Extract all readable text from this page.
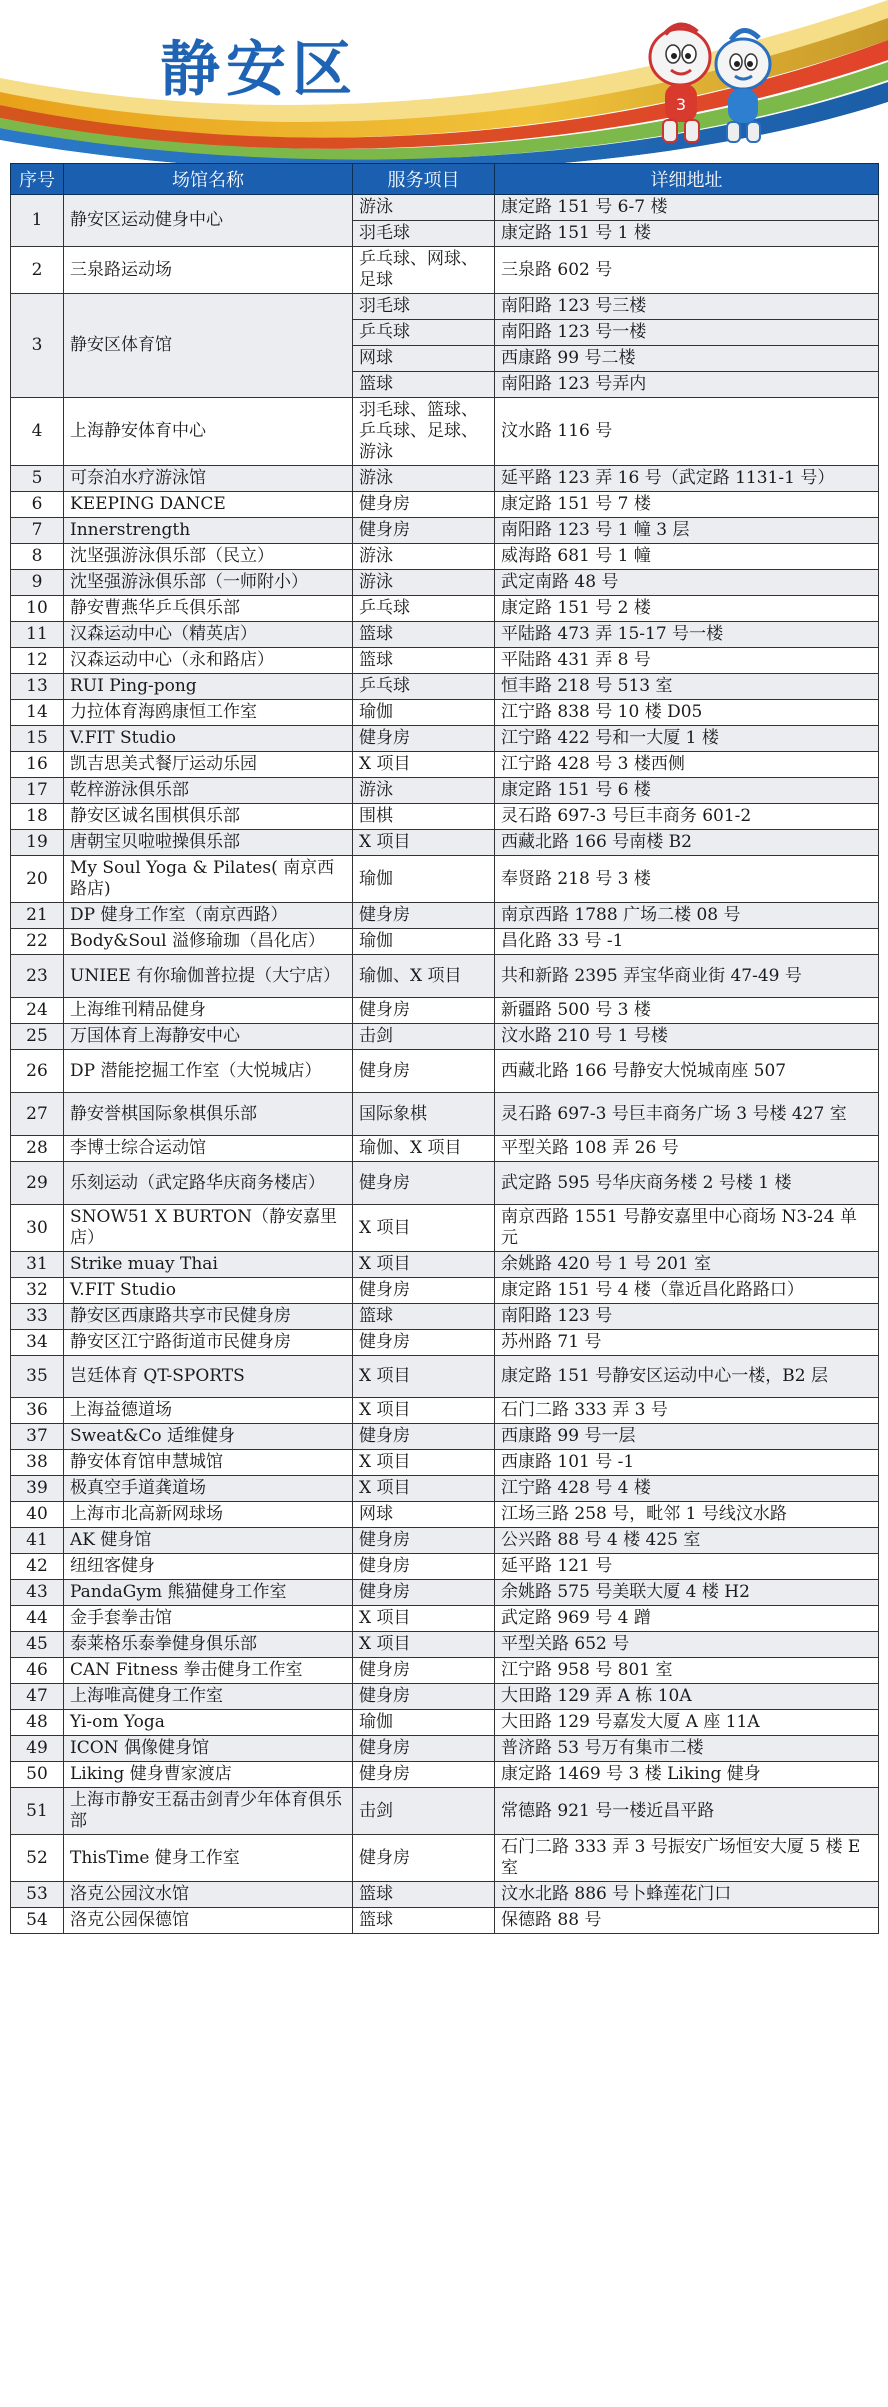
静安区	3
序号	场馆名称	服务项目	详细地址
1	静安区运动健身中心	游泳	康定路 151 号 6-7 楼
		羽毛球	康定路 151 号 1 楼
2	三泉路运动场	乒乓球、网球、足球	三泉路 602 号
3	静安区体育馆	羽毛球	南阳路 123 号三楼
		乒乓球	南阳路 123 号一楼
		网球	西康路 99 号二楼
		篮球	南阳路 123 号弄内
4	上海静安体育中心	羽毛球、篮球、乒乓球、足球、游泳	汶水路 116 号
5	可奈泊水疗游泳馆	游泳	延平路 123 弄 16 号（武定路 1131-1 号）
6	KEEPING DANCE	健身房	康定路 151 号 7 楼
7	Innerstrength	健身房	南阳路 123 号 1 幢 3 层
8	沈坚强游泳俱乐部（民立）	游泳	威海路 681 号 1 幢
9	沈坚强游泳俱乐部（一师附小）	游泳	武定南路 48 号
10	静安曹燕华乒乓俱乐部	乒乓球	康定路 151 号 2 楼
11	汉森运动中心（精英店）	篮球	平陆路 473 弄 15-17 号一楼
12	汉森运动中心（永和路店）	篮球	平陆路 431 弄 8 号
13	RUI Ping-pong	乒乓球	恒丰路 218 号 513 室
14	力拉体育海鸥康恒工作室	瑜伽	江宁路 838 号 10 楼 D05
15	V.FIT Studio	健身房	江宁路 422 号和一大厦 1 楼
16	凯吉思美式餐厅运动乐园	X 项目	江宁路 428 号 3 楼西侧
17	乾梓游泳俱乐部	游泳	康定路 151 号 6 楼
18	静安区诚名围棋俱乐部	围棋	灵石路 697-3 号巨丰商务 601-2
19	唐朝宝贝啦啦操俱乐部	X 项目	西藏北路 166 号南楼 B2
20	My Soul Yoga & Pilates( 南京西路店)	瑜伽	奉贤路 218 号 3 楼
21	DP 健身工作室（南京西路）	健身房	南京西路 1788 广场二楼 08 号
22	Body&Soul 溢修瑜珈（昌化店）	瑜伽	昌化路 33 号 -1
23	UNIEE 有你瑜伽普拉提（大宁店）	瑜伽、X 项目	共和新路 2395 弄宝华商业街 47-49 号
24	上海维刊精品健身	健身房	新疆路 500 号 3 楼
25	万国体育上海静安中心	击剑	汶水路 210 号 1 号楼
26	DP 潜能挖掘工作室（大悦城店）	健身房	西藏北路 166 号静安大悦城南座 507
27	静安誉棋国际象棋俱乐部	国际象棋	灵石路 697-3 号巨丰商务广场 3 号楼 427 室
28	李博士综合运动馆	瑜伽、X 项目	平型关路 108 弄 26 号
29	乐刻运动（武定路华庆商务楼店）	健身房	武定路 595 号华庆商务楼 2 号楼 1 楼
30	SNOW51 X BURTON（静安嘉里店）	X 项目	南京西路 1551 号静安嘉里中心商场 N3-24 单元
31	Strike muay Thai	X 项目	余姚路 420 号 1 号 201 室
32	V.FIT Studio	健身房	康定路 151 号 4 楼（靠近昌化路路口）
33	静安区西康路共享市民健身房	篮球	南阳路 123 号
34	静安区江宁路街道市民健身房	健身房	苏州路 71 号
35	岂廷体育 QT-SPORTS	X 项目	康定路 151 号静安区运动中心一楼，B2 层
36	上海益德道场	X 项目	石门二路 333 弄 3 号
37	Sweat&Co 适维健身	健身房	西康路 99 号一层
38	静安体育馆申慧城馆	X 项目	西康路 101 号 -1
39	极真空手道龚道场	X 项目	江宁路 428 号 4 楼
40	上海市北高新网球场	网球	江场三路 258 号，毗邻 1 号线汶水路
41	AK 健身馆	健身房	公兴路 88 号 4 楼 425 室
42	纽纽客健身	健身房	延平路 121 号
43	PandaGym 熊猫健身工作室	健身房	余姚路 575 号美联大厦 4 楼 H2
44	金手套拳击馆	X 项目	武定路 969 号 4 蹭
45	泰莱格乐泰拳健身俱乐部	X 项目	平型关路 652 号
46	CAN Fitness 拳击健身工作室	健身房	江宁路 958 号 801 室
47	上海唯高健身工作室	健身房	大田路 129 弄 A 栋 10A
48	Yi-om Yoga	瑜伽	大田路 129 号嘉发大厦 A 座 11A
49	ICON 偶像健身馆	健身房	普济路 53 号万有集市二楼
50	Liking 健身曹家渡店	健身房	康定路 1469 号 3 楼 Liking 健身
51	上海市静安王磊击剑青少年体育俱乐部	击剑	常德路 921 号一楼近昌平路
52	ThisTime 健身工作室	健身房	石门二路 333 弄 3 号振安广场恒安大厦 5 楼 E 室
53	洛克公园汶水馆	篮球	汶水北路 886 号卜蜂莲花门口
54	洛克公园保德馆	篮球	保德路 88 号
